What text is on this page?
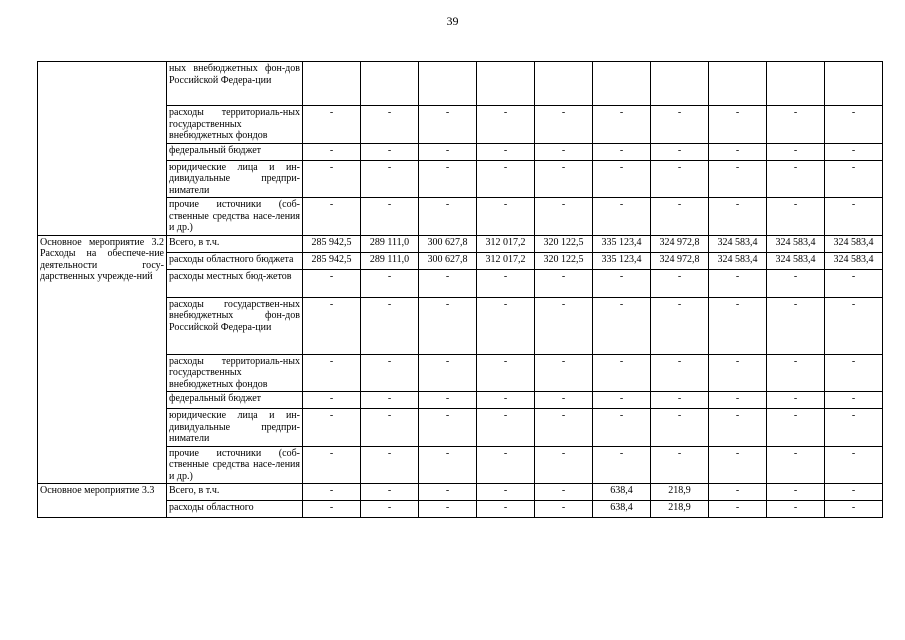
39
	ных внебюджетных фон-дов Российской Федера-ции										
	расходы территориаль-ных государственных внебюджетных фондов	-	-	-	-	-	-	-	-	-	-
	федеральный бюджет	-	-	-	-	-	-	-	-	-	-
	юридические лица и ин-дивидуальные предпри-ниматели	-	-	-	-	-	-	-	-	-	-
	прочие источники (соб-ственные средства насе-ления и др.)	-	-	-	-	-	-	-	-	-	-
Основное мероприятие 3.2 Расходы на обеспече-ние деятельности госу-дарственных учрежде-ний	Всего, в т.ч.	285 942,5	289 111,0	300 627,8	312 017,2	320 122,5	335 123,4	324 972,8	324 583,4	324 583,4	324 583,4
	расходы областного бюджета	285 942,5	289 111,0	300 627,8	312 017,2	320 122,5	335 123,4	324 972,8	324 583,4	324 583,4	324 583,4
	расходы местных бюд-жетов	-	-	-	-	-	-	-	-	-	-
	расходы государствен-ных внебюджетных фон-дов Российской Федера-ции	-	-	-	-	-	-	-	-	-	-
	расходы территориаль-ных государственных внебюджетных фондов	-	-	-	-	-	-	-	-	-	-
	федеральный бюджет	-	-	-	-	-	-	-	-	-	-
	юридические лица и ин-дивидуальные предпри-ниматели	-	-	-	-	-	-	-	-	-	-
	прочие источники (соб-ственные средства насе-ления и др.)	-	-	-	-	-	-	-	-	-	-
Основное мероприятие 3.3	Всего, в т.ч.	-	-	-	-	-	638,4	218,9	-	-	-
	расходы областного	-	-	-	-	-	638,4	218,9	-	-	-
